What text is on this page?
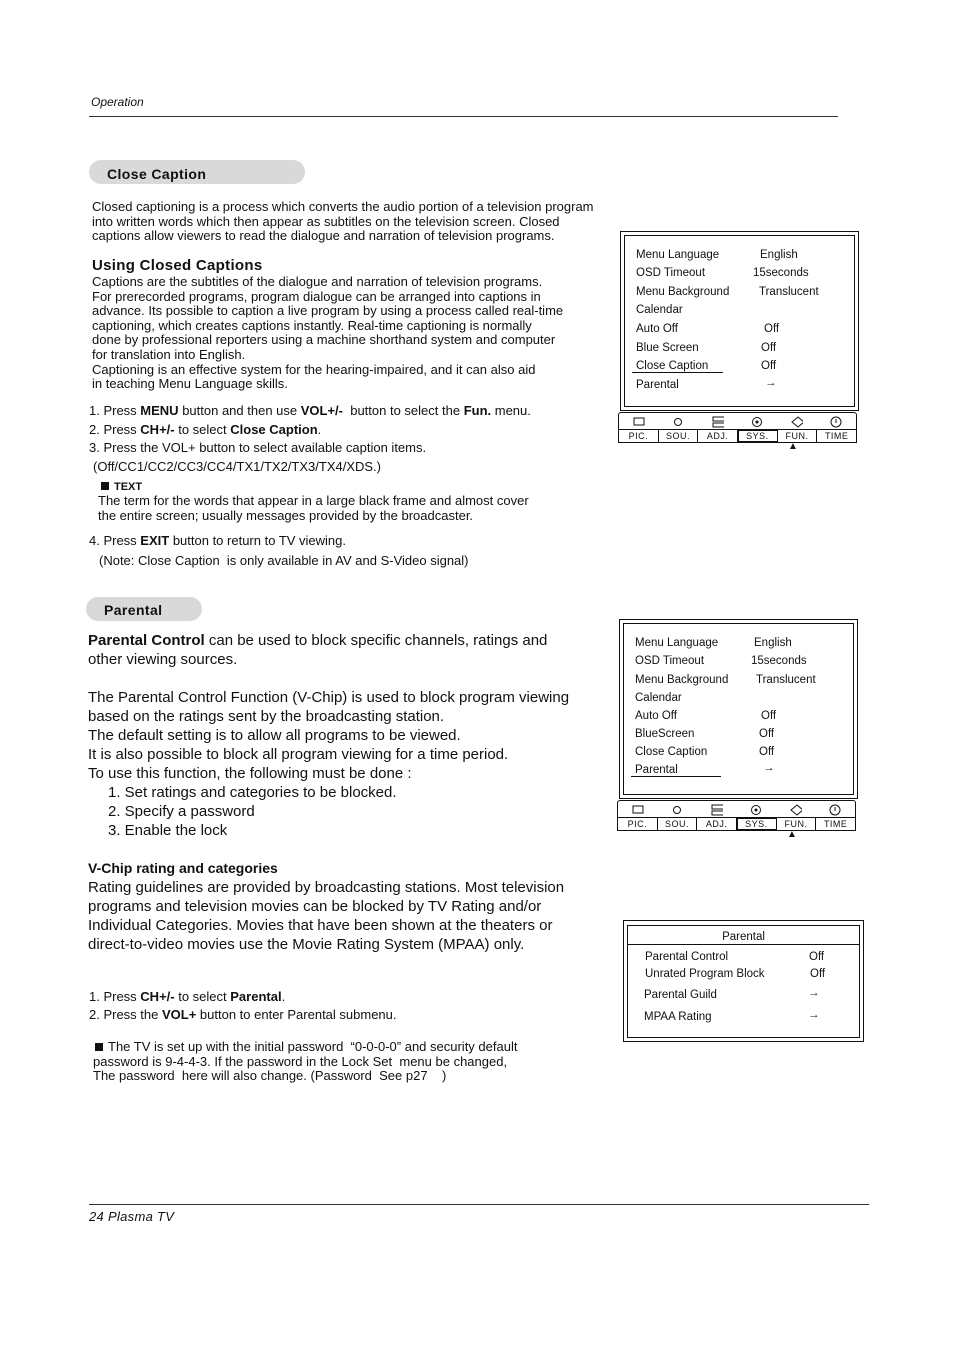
Operation
Close Caption

Closed captioning is a process which converts the audio portion of a television program

into written words which then appear as subtitles on the television screen. Closed

captions allow viewers to read the dialogue and narration of television programs.

Using Closed Captions

Captions are the subtitles of the dialogue and narration of television programs.

For prerecorded programs, program dialogue can be arranged into captions in

advance. Its possible to caption a live program by using a process called real-time

captioning, which creates captions instantly. Real-time captioning is normally

done by professional reporters using a machine shorthand system and computer

for translation into English.

Captioning is an effective system for the hearing-impaired, and it can also aid

in teaching Menu Language skills.

1. Press MENU button and then use VOL+/-  button to select the Fun. menu.
2. Press CH+/- to select Close Caption.
3. Press the VOL+ button to select available caption items.
(Off/CC1/CC2/CC3/CC4/TX1/TX2/TX3/TX4/XDS.)
TEXT

The term for the words that appear in a large black frame and almost cover

the entire screen; usually messages provided by the broadcaster.

4. Press EXIT button to return to TV viewing.
(Note: Close Caption  is only available in AV and S-Video signal)
Menu Language	English
OSD Timeout	15seconds
Menu Background	Translucent
Calendar
Auto Off	Off
Blue Screen	Off
Close Caption	Off
Parental	→
PIC.	SOU.	ADJ.	SYS.	FUN.	TIME
▲
Parental
Parental Control can be used to block specific channels, ratings and
other viewing sources.

The Parental Control Function (V-Chip) is used to block program viewing

based on the ratings sent by the broadcasting station.

The default setting is to allow all programs to be viewed.

It is also possible to block all program viewing for a time period.

To use this function, the following must be done :

1. Set ratings and categories to be blocked.

2. Specify a password

3. Enable the lock

V-Chip rating and categories

Rating guidelines are provided by broadcasting stations. Most television

programs and television movies can be blocked by TV Rating and/or

Individual Categories. Movies that have been shown at the theaters or

direct-to-video movies use the Movie Rating System (MPAA) only.

1. Press CH+/- to select Parental.
2. Press the VOL+ button to enter Parental submenu.

The TV is set up with the initial password  “0-0-0-0” and security default

password is 9-4-4-3. If the password in the Lock Set  menu be changed,

The password  here will also change. (Password  See p27    )

Menu Language	English
OSD Timeout	15seconds
Menu Background Translucent
Calendar
Auto Off	Off
BlueScreen	Off
Close Caption	Off
Parental	→
PIC.	SOU.	ADJ.	SYS.	FUN.	TIME
▲
Parental
Parental Control	Off
Unrated Program Block	Off
Parental Guild	→
MPAA Rating	→
24 Plasma TV
